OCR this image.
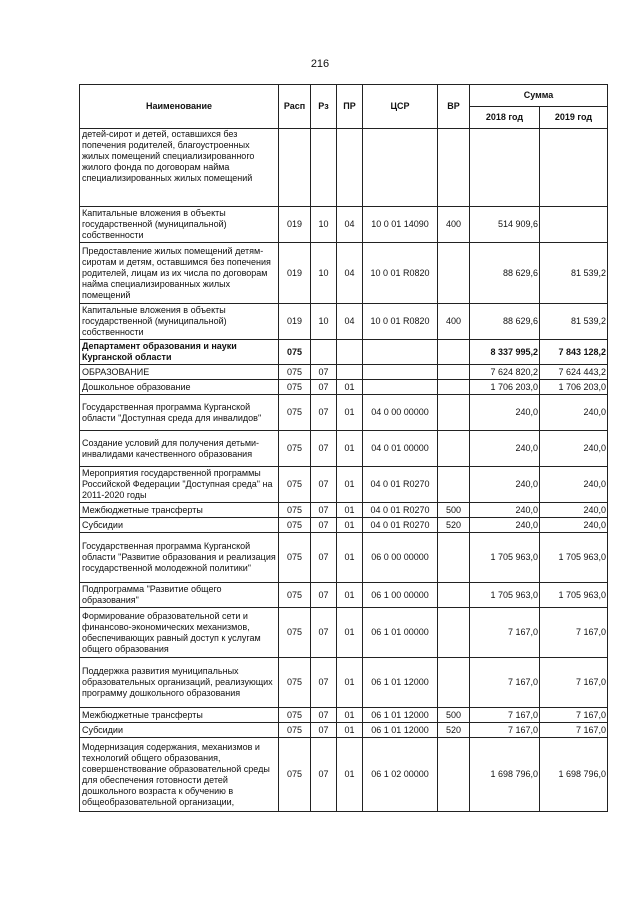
216
Наименование	Расп	Рз	ПР	ЦСР	ВР	Сумма	
						2018 год	2019 год
детей-сирот и детей, оставшихся без попечения родителей, благоустроенных жилых помещений специализированного жилого фонда по договорам найма специализированных жилых помещений							
Капитальные вложения в объекты государственной (муниципальной) собственности	019	10	04	10 0 01 14090	400	514 909,6	
Предоставление жилых помещений детям-сиротам и детям, оставшимся без попечения родителей, лицам из их числа по договорам найма специализированных жилых помещений	019	10	04	10 0 01 R0820		88 629,6	81 539,2
Капитальные вложения в объекты государственной (муниципальной) собственности	019	10	04	10 0 01 R0820	400	88 629,6	81 539,2
Департамент образования и науки Курганской области	075					8 337 995,2	7 843 128,2
ОБРАЗОВАНИЕ	075	07				7 624 820,2	7 624 443,2
Дошкольное образование	075	07	01			1 706 203,0	1 706 203,0
Государственная программа Курганской области "Доступная среда для инвалидов"	075	07	01	04 0 00 00000		240,0	240,0
Создание условий для получения детьми-инвалидами качественного образования	075	07	01	04 0 01 00000		240,0	240,0
Мероприятия государственной программы Российской Федерации "Доступная среда" на 2011-2020 годы	075	07	01	04 0 01 R0270		240,0	240,0
Межбюджетные трансферты	075	07	01	04 0 01 R0270	500	240,0	240,0
Субсидии	075	07	01	04 0 01 R0270	520	240,0	240,0
Государственная программа Курганской области "Развитие образования и реализация государственной молодежной политики"	075	07	01	06 0 00 00000		1 705 963,0	1 705 963,0
Подпрограмма "Развитие общего образования"	075	07	01	06 1 00 00000		1 705 963,0	1 705 963,0
Формирование образовательной сети и финансово-экономических механизмов, обеспечивающих равный доступ к услугам общего образования	075	07	01	06 1 01 00000		7 167,0	7 167,0
Поддержка развития муниципальных образовательных организаций, реализующих программу дошкольного образования	075	07	01	06 1 01 12000		7 167,0	7 167,0
Межбюджетные трансферты	075	07	01	06 1 01 12000	500	7 167,0	7 167,0
Субсидии	075	07	01	06 1 01 12000	520	7 167,0	7 167,0
Модернизация содержания, механизмов и технологий общего образования, совершенствование образовательной среды для обеспечения готовности детей дошкольного возраста к обучению в общеобразовательной организации,	075	07	01	06 1 02 00000		1 698 796,0	1 698 796,0
